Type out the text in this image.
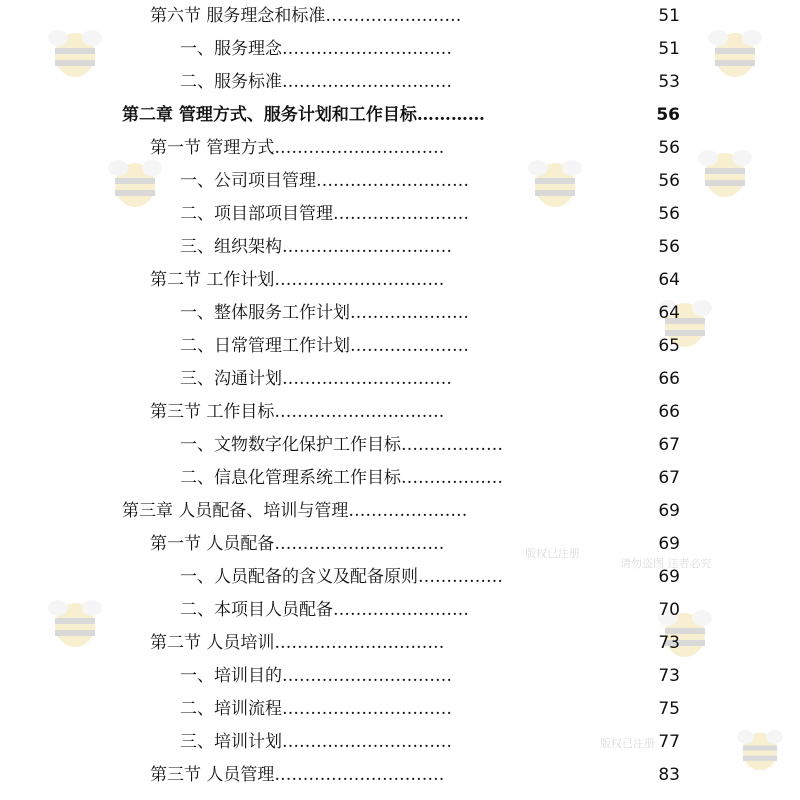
版权已注册
请勿盗图 违者必究
版权已注册
第六节 服务理念和标准……………………	51
一、服务理念…………………………	51
二、服务标准…………………………	53
第二章 管理方式、服务计划和工作目标…………	56
第一节 管理方式…………………………	56
一、公司项目管理………………………	56
二、项目部项目管理……………………	56
三、组织架构…………………………	56
第二节 工作计划…………………………	64
一、整体服务工作计划…………………	64
二、日常管理工作计划…………………	65
三、沟通计划…………………………	66
第三节 工作目标…………………………	66
一、文物数字化保护工作目标………………	67
二、信息化管理系统工作目标………………	67
第三章 人员配备、培训与管理…………………	69
第一节 人员配备…………………………	69
一、人员配备的含义及配备原则……………	69
二、本项目人员配备……………………	70
第二节 人员培训…………………………	73
一、培训目的…………………………	73
二、培训流程…………………………	75
三、培训计划…………………………	77
第三节 人员管理…………………………	83
